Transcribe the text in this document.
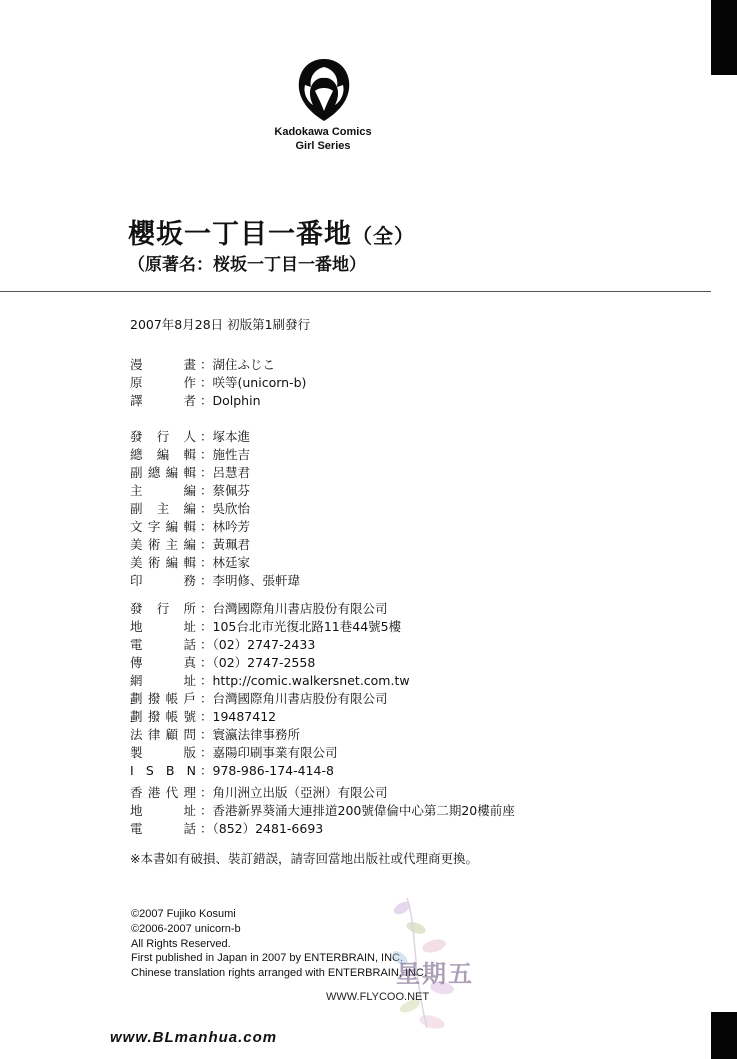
Kadokawa Comics
Girl Series
櫻坂一丁目一番地（全）
（原著名：桜坂一丁目一番地）
2007年8月28日 初版第1刷發行
漫	畫 ：湖住ふじこ
原	作 ：咲等(unicorn-b)
譯	者 ：Dolphin
發 行 人 ：塚本進
總 編 輯 ：施性吉
副 總 編 輯 ：呂慧君
主	編 ：蔡佩芬
副 主 編 ：吳欣怡
文 字 編 輯 ：林吟芳
美 術 主 編 ：黃珮君
美 術 編 輯 ：林廷家
印	務 ：李明修、張軒瑋
發 行 所 ：台灣國際角川書店股份有限公司
地	址 ：105台北市光復北路11巷44號5樓
電	話 ：（02）2747-2433
傳	真 ：（02）2747-2558
網	址 ：http://comic.walkersnet.com.tw
劃 撥 帳 戶 ：台灣國際角川書店股份有限公司
劃 撥 帳 號 ：19487412
法 律 顧 問 ：寰瀛法律事務所
製	版 ：嘉陽印刷事業有限公司
I S B N ：978-986-174-414-8
香 港 代 理 ：角川洲立出版（亞洲）有限公司
地	址 ：香港新界葵涌大連排道200號偉倫中心第二期20樓前座
電	話 ：（852）2481-6693
※本書如有破損、裝訂錯誤，請寄回當地出版社或代理商更換。
©2007 Fujiko Kosumi
©2006-2007 unicorn-b
All Rights Reserved.
First published in Japan in 2007 by ENTERBRAIN, INC.
Chinese translation rights arranged with ENTERBRAIN, INC.
星期五
WWW.FLYCOO.NET
www.BLmanhua.com
